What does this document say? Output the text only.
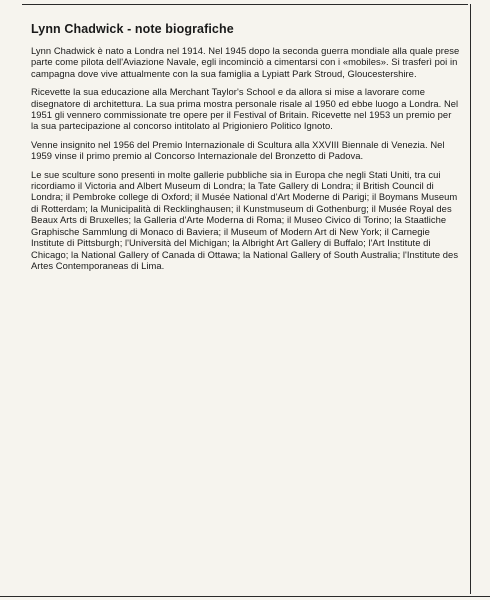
Lynn Chadwick - note biografiche

Lynn Chadwick è nato a Londra nel 1914. Nel 1945 dopo la seconda guerra mondiale alla quale prese parte come pilota dell'Aviazione Navale, egli incominciò a cimentarsi con i «mobiles». Si trasferì poi in campagna dove vive attualmente con la sua famiglia a Lypiatt Park Stroud, Gloucestershire.

Ricevette la sua educazione alla Merchant Taylor's School e da allora si mise a lavorare come disegnatore di architettura. La sua prima mostra personale risale al 1950 ed ebbe luogo a Londra. Nel 1951 gli vennero commissionate tre opere per il Festival of Britain. Ricevette nel 1953 un premio per la sua partecipazione al concorso intitolato al Prigioniero Politico Ignoto.

Venne insignito nel 1956 del Premio Internazionale di Scultura alla XXVIII Biennale di Venezia. Nel 1959 vinse il primo premio al Concorso Internazionale del Bronzetto di Padova.

Le sue sculture sono presenti in molte gallerie pubbliche sia in Europa che negli Stati Uniti, tra cui ricordiamo il Victoria and Albert Museum di Londra; la Tate Gallery di Londra; il British Council di Londra; il Pembroke college di Oxford; il Musée National d'Art Moderne di Parigi; il Boymans Museum di Rotterdam; la Municipalità di Recklinghausen; il Kunstmuseum di Gothenburg; il Musée Royal des Beaux Arts di Bruxelles; la Galleria d'Arte Moderna di Roma; il Museo Civico di Torino; la Staatliche Graphische Sammlung di Monaco di Baviera; il Museum of Modern Art di New York; il Carnegie Institute di Pittsburgh; l'Università del Michigan; la Albright Art Gallery di Buffalo; l'Art Institute di Chicago; la National Gallery of Canada di Ottawa; la National Gallery of South Australia; l'Institute des Artes Contemporaneas di Lima.
